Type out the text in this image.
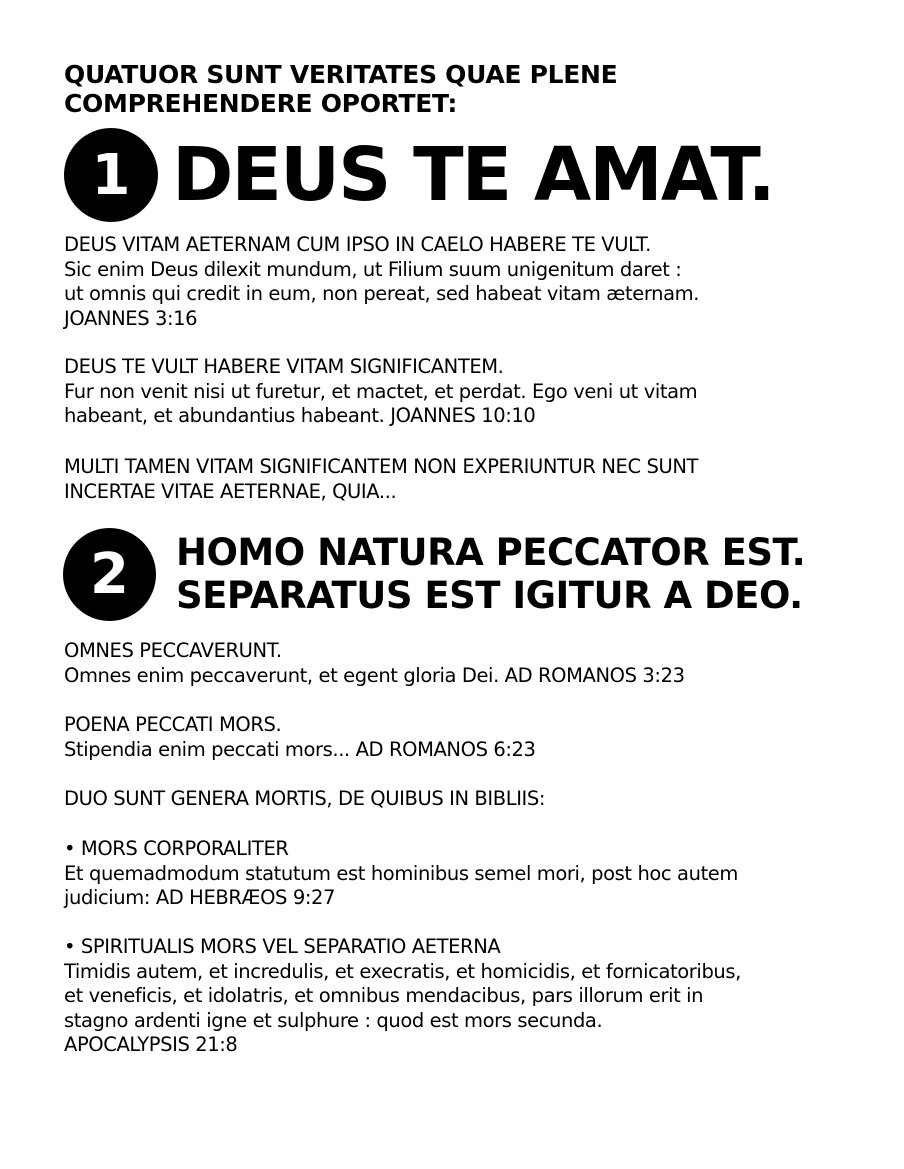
QUATUOR SUNT VERITATES QUAE PLENE
COMPREHENDERE OPORTET:
1 DEUS TE AMAT.
DEUS VITAM AETERNAM CUM IPSO IN CAELO HABERE TE VULT.
Sic enim Deus dilexit mundum, ut Filium suum unigenitum daret :
ut omnis qui credit in eum, non pereat, sed habeat vitam æternam.
JOANNES 3:16
DEUS TE VULT HABERE VITAM SIGNIFICANTEM.
Fur non venit nisi ut furetur, et mactet, et perdat. Ego veni ut vitam
habeant, et abundantius habeant. JOANNES 10:10
MULTI TAMEN VITAM SIGNIFICANTEM NON EXPERIUNTUR NEC SUNT
INCERTAE VITAE AETERNAE, QUIA...
2	HOMO NATURA PECCATOR EST.
SEPARATUS EST IGITUR A DEO.
OMNES PECCAVERUNT.
Omnes enim peccaverunt, et egent gloria Dei. AD ROMANOS 3:23
POENA PECCATI MORS.
Stipendia enim peccati mors... AD ROMANOS 6:23
DUO SUNT GENERA MORTIS, DE QUIBUS IN BIBLIIS:
• MORS CORPORALITER
Et quemadmodum statutum est hominibus semel mori, post hoc autem
judicium: AD HEBRÆOS 9:27
• SPIRITUALIS MORS VEL SEPARATIO AETERNA
Timidis autem, et incredulis, et execratis, et homicidis, et fornicatoribus,
et veneficis, et idolatris, et omnibus mendacibus, pars illorum erit in
stagno ardenti igne et sulphure : quod est mors secunda.
APOCALYPSIS 21:8
